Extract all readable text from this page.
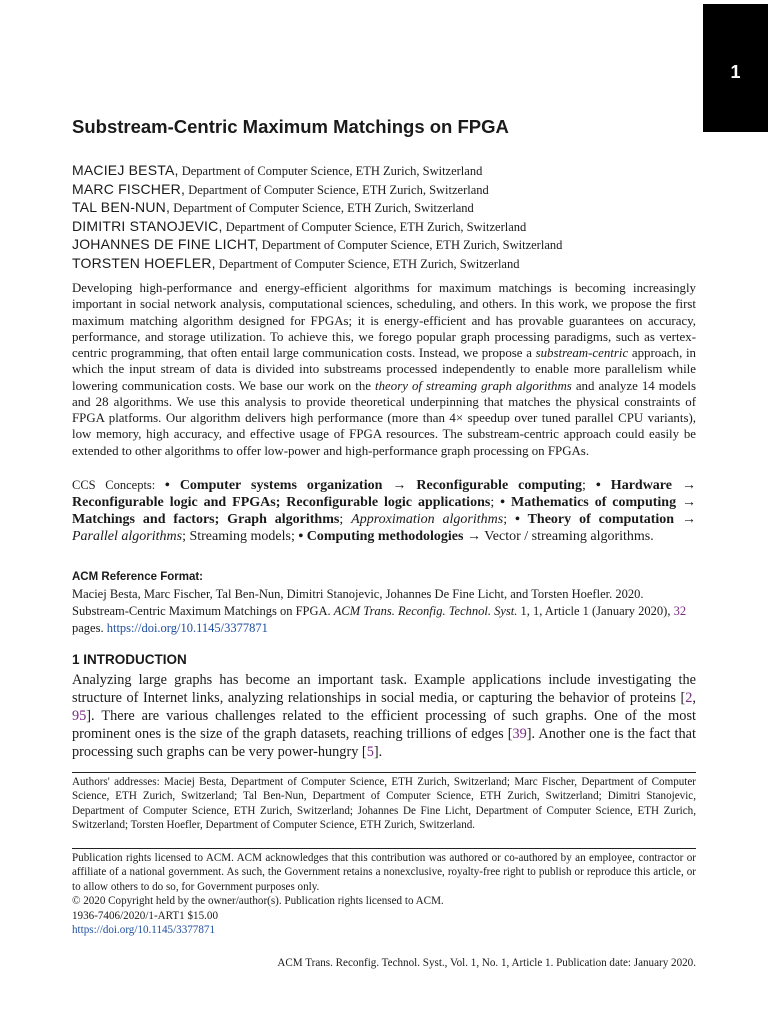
1
Substream-Centric Maximum Matchings on FPGA
MACIEJ BESTA, Department of Computer Science, ETH Zurich, Switzerland
MARC FISCHER, Department of Computer Science, ETH Zurich, Switzerland
TAL BEN-NUN, Department of Computer Science, ETH Zurich, Switzerland
DIMITRI STANOJEVIC, Department of Computer Science, ETH Zurich, Switzerland
JOHANNES DE FINE LICHT, Department of Computer Science, ETH Zurich, Switzerland
TORSTEN HOEFLER, Department of Computer Science, ETH Zurich, Switzerland
Developing high-performance and energy-efficient algorithms for maximum matchings is becoming increasingly important in social network analysis, computational sciences, scheduling, and others. In this work, we propose the first maximum matching algorithm designed for FPGAs; it is energy-efficient and has provable guarantees on accuracy, performance, and storage utilization. To achieve this, we forego popular graph processing paradigms, such as vertex-centric programming, that often entail large communication costs. Instead, we propose a substream-centric approach, in which the input stream of data is divided into substreams processed independently to enable more parallelism while lowering communication costs. We base our work on the theory of streaming graph algorithms and analyze 14 models and 28 algorithms. We use this analysis to provide theoretical underpinning that matches the physical constraints of FPGA platforms. Our algorithm delivers high performance (more than 4× speedup over tuned parallel CPU variants), low memory, high accuracy, and effective usage of FPGA resources. The substream-centric approach could easily be extended to other algorithms to offer low-power and high-performance graph processing on FPGAs.
CCS Concepts: • Computer systems organization → Reconfigurable computing; • Hardware → Reconfigurable logic and FPGAs; Reconfigurable logic applications; • Mathematics of computing → Matchings and factors; Graph algorithms; Approximation algorithms; • Theory of computation → Parallel algorithms; Streaming models; • Computing methodologies → Vector / streaming algorithms.
ACM Reference Format:
Maciej Besta, Marc Fischer, Tal Ben-Nun, Dimitri Stanojevic, Johannes De Fine Licht, and Torsten Hoefler. 2020. Substream-Centric Maximum Matchings on FPGA. ACM Trans. Reconfig. Technol. Syst. 1, 1, Article 1 (January 2020), 32 pages. https://doi.org/10.1145/3377871
1 INTRODUCTION
Analyzing large graphs has become an important task. Example applications include investigating the structure of Internet links, analyzing relationships in social media, or capturing the behavior of proteins [2, 95]. There are various challenges related to the efficient processing of such graphs. One of the most prominent ones is the size of the graph datasets, reaching trillions of edges [39]. Another one is the fact that processing such graphs can be very power-hungry [5].
Authors' addresses: Maciej Besta, Department of Computer Science, ETH Zurich, Switzerland; Marc Fischer, Department of Computer Science, ETH Zurich, Switzerland; Tal Ben-Nun, Department of Computer Science, ETH Zurich, Switzerland; Dimitri Stanojevic, Department of Computer Science, ETH Zurich, Switzerland; Johannes De Fine Licht, Department of Computer Science, ETH Zurich, Switzerland; Torsten Hoefler, Department of Computer Science, ETH Zurich, Switzerland.
Publication rights licensed to ACM. ACM acknowledges that this contribution was authored or co-authored by an employee, contractor or affiliate of a national government. As such, the Government retains a nonexclusive, royalty-free right to publish or reproduce this article, or to allow others to do so, for Government purposes only.
© 2020 Copyright held by the owner/author(s). Publication rights licensed to ACM.
1936-7406/2020/1-ART1 $15.00
https://doi.org/10.1145/3377871
ACM Trans. Reconfig. Technol. Syst., Vol. 1, No. 1, Article 1. Publication date: January 2020.
